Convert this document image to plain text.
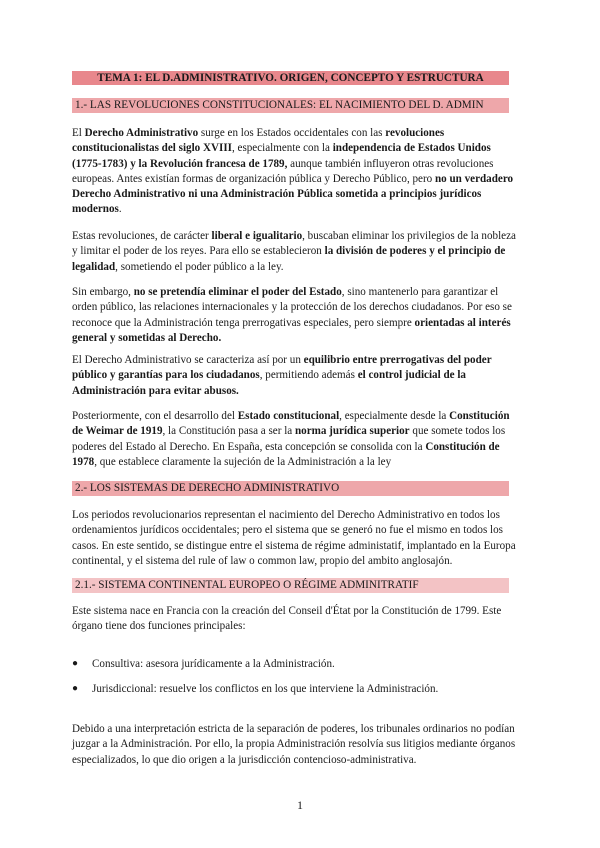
TEMA 1: EL D.ADMINISTRATIVO. ORIGEN, CONCEPTO Y ESTRUCTURA
1.- LAS REVOLUCIONES CONSTITUCIONALES: EL NACIMIENTO DEL D. ADMIN

El Derecho Administrativo surge en los Estados occidentales con las revoluciones constitucionalistas del siglo XVIII, especialmente con la independencia de Estados Unidos (1775-1783) y la Revolución francesa de 1789, aunque también influyeron otras revoluciones europeas. Antes existían formas de organización pública y Derecho Público, pero no un verdadero Derecho Administrativo ni una Administración Pública sometida a principios jurídicos modernos.

Estas revoluciones, de carácter liberal e igualitario, buscaban eliminar los privilegios de la nobleza y limitar el poder de los reyes. Para ello se establecieron la división de poderes y el principio de legalidad, sometiendo el poder público a la ley.

Sin embargo, no se pretendía eliminar el poder del Estado, sino mantenerlo para garantizar el orden público, las relaciones internacionales y la protección de los derechos ciudadanos. Por eso se reconoce que la Administración tenga prerrogativas especiales, pero siempre orientadas al interés general y sometidas al Derecho.

El Derecho Administrativo se caracteriza así por un equilibrio entre prerrogativas del poder público y garantías para los ciudadanos, permitiendo además el control judicial de la Administración para evitar abusos.

Posteriormente, con el desarrollo del Estado constitucional, especialmente desde la Constitución de Weimar de 1919, la Constitución pasa a ser la norma jurídica superior que somete todos los poderes del Estado al Derecho. En España, esta concepción se consolida con la Constitución de 1978, que establece claramente la sujeción de la Administración a la ley

2.- LOS SISTEMAS DE DERECHO ADMINISTRATIVO

Los periodos revolucionarios representan el nacimiento del Derecho Administrativo en todos los ordenamientos jurídicos occidentales; pero el sistema que se generó no fue el mismo en todos los casos. En este sentido, se distingue entre el sistema de régime administatif, implantado en la Europa continental, y el sistema del rule of law o common law, propio del ambito anglosajón.

2.1.- SISTEMA CONTINENTAL EUROPEO O RÉGIME ADMINITRATIF

Este sistema nace en Francia con la creación del Conseil d'État por la Constitución de 1799. Este órgano tiene dos funciones principales:

● Consultiva: asesora jurídicamente a la Administración.
● Jurisdiccional: resuelve los conflictos en los que interviene la Administración.

Debido a una interpretación estricta de la separación de poderes, los tribunales ordinarios no podían juzgar a la Administración. Por ello, la propia Administración resolvía sus litigios mediante órganos especializados, lo que dio origen a la jurisdicción contencioso-administrativa.

1
